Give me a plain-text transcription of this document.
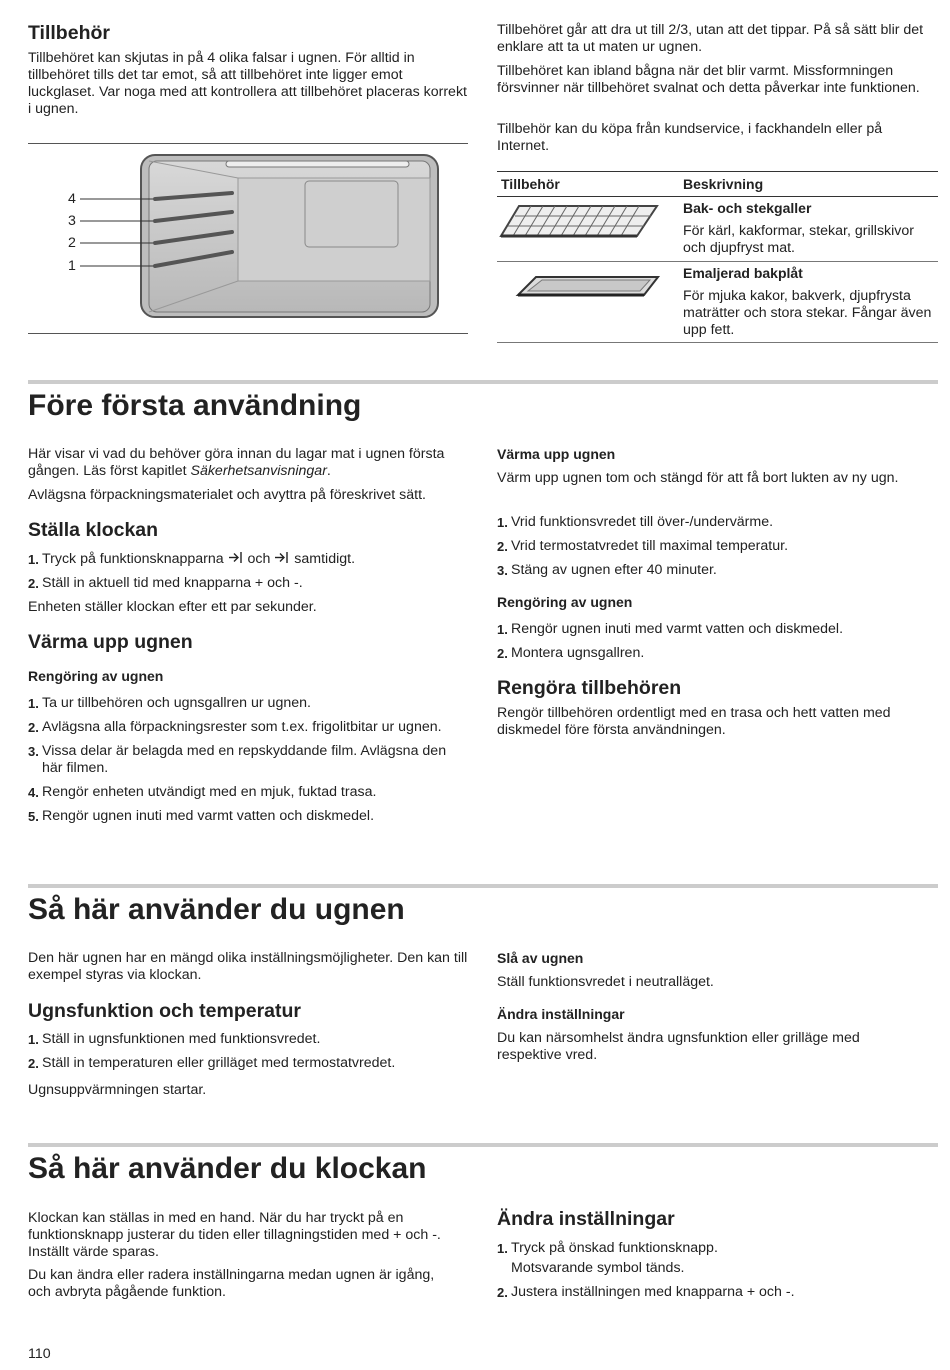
Tillbehör

Tillbehöret kan skjutas in på 4 olika falsar i ugnen. För alltid in tillbehöret tills det tar emot, så att tillbehöret inte ligger emot luckglaset. Var noga med att kontrollera att tillbehöret placeras korrekt i ugnen.

4
3
2
1

Tillbehöret går att dra ut till 2/3, utan att det tippar. På så sätt blir det enklare att ta ut maten ur ugnen.

Tillbehöret kan ibland bågna när det blir varmt. Missformningen försvinner när tillbehöret svalnat och detta påverkar inte funktionen.

Tillbehör kan du köpa från kundservice, i fackhandeln eller på Internet.

Tillbehör	Beskrivning
Bak- och stekgaller

För kärl, kakformar, stekar, grillskivor och djupfryst mat.

Emaljerad bakplåt

För mjuka kakor, bakverk, djupfrysta maträtter och stora stekar. Fångar även upp fett.

Före första användning

Här visar vi vad du behöver göra innan du lagar mat i ugnen första gången. Läs först kapitlet Säkerhetsanvisningar.

Avlägsna förpackningsmaterialet och avyttra på föreskrivet sätt.

Ställa klockan
1. Tryck på funktionsknapparna  och  samtidigt.
2. Ställ in aktuell tid med knapparna + och -.

Enheten ställer klockan efter ett par sekunder.

Värma upp ugnen
Rengöring av ugnen
1. Ta ur tillbehören och ugnsgallren ur ugnen.
2. Avlägsna alla förpackningsrester som t.ex. frigolitbitar ur ugnen.
3. Vissa delar är belagda med en repskyddande film. Avlägsna den här filmen.
4. Rengör enheten utvändigt med en mjuk, fuktad trasa.
5. Rengör ugnen inuti med varmt vatten och diskmedel.
Värma upp ugnen

Värm upp ugnen tom och stängd för att få bort lukten av ny ugn.

1. Vrid funktionsvredet till över-/undervärme.
2. Vrid termostatvredet till maximal temperatur.
3. Stäng av ugnen efter 40 minuter.
Rengöring av ugnen
1. Rengör ugnen inuti med varmt vatten och diskmedel.
2. Montera ugnsgallren.
Rengöra tillbehören

Rengör tillbehören ordentligt med en trasa och hett vatten med diskmedel före första användningen.

Så här använder du ugnen

Den här ugnen har en mängd olika inställningsmöjligheter. Den kan till exempel styras via klockan.

Ugnsfunktion och temperatur
1. Ställ in ugnsfunktionen med funktionsvredet.
2. Ställ in temperaturen eller grilläget med termostatvredet.

Ugnsuppvärmningen startar.

Slå av ugnen

Ställ funktionsvredet i neutralläget.

Ändra inställningar

Du kan närsomhelst ändra ugnsfunktion eller grilläge med respektive vred.

Så här använder du klockan

Klockan kan ställas in med en hand. När du har tryckt på en funktionsknapp justerar du tiden eller tillagningstiden med + och -. Inställt värde sparas.

Du kan ändra eller radera inställningarna medan ugnen är igång, och avbryta pågående funktion.

Ändra inställningar
1. Tryck på önskad funktionsknapp.
Motsvarande symbol tänds.
2. Justera inställningen med knapparna + och -.
110
